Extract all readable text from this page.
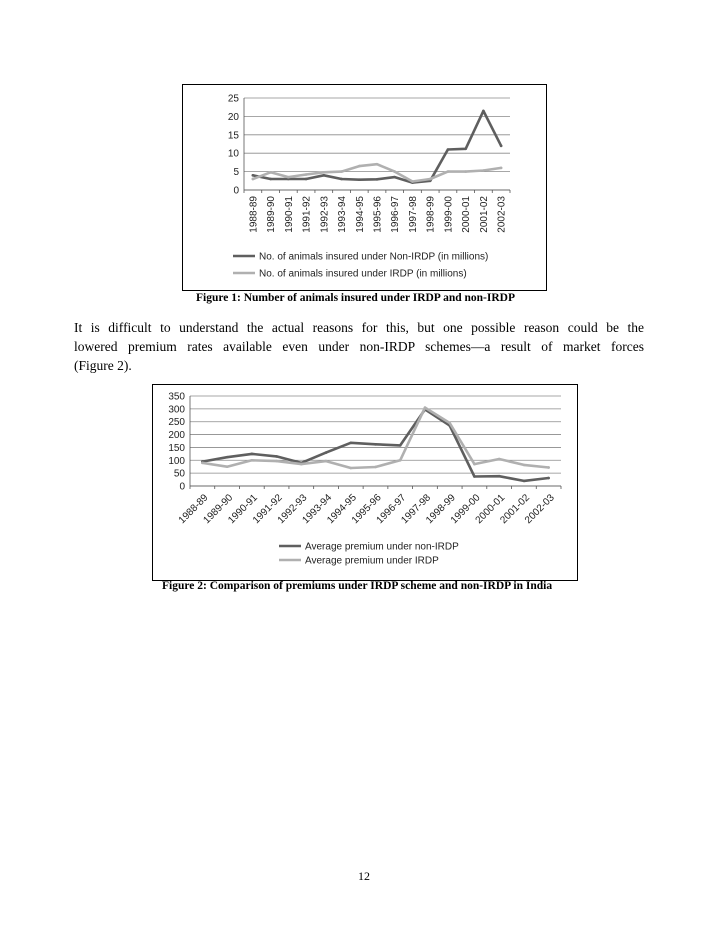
0
5
10
15
20
25
1988-89 1989-90 1990-91 1991-92 1992-93 1993-94 1994-95 1995-96 1996-97 1997-98 1998-99 1999-00 2000-01 2001-02 2002-03
No. of animals insured under Non-IRDP (in millions)
No. of animals insured under IRDP (in millions)
Figure 1: Number of animals insured under IRDP and non-IRDP
It is difficult to understand the actual reasons for this, but one possible reason could be the
lowered premium rates available even under non-IRDP schemes—a result of market forces
(Figure 2).
0
50
100
150
200
250
300
350
1988-89
1989-90
1990-91
1991-92
1992-93
1993-94
1994-95
1995-96
1996-97
1997-98
1998-99
1999-00
2000-01
2001-02
2002-03
Average premium under non-IRDP
Average premium under IRDP
Figure 2: Comparison of premiums under IRDP scheme and non-IRDP in India
12
